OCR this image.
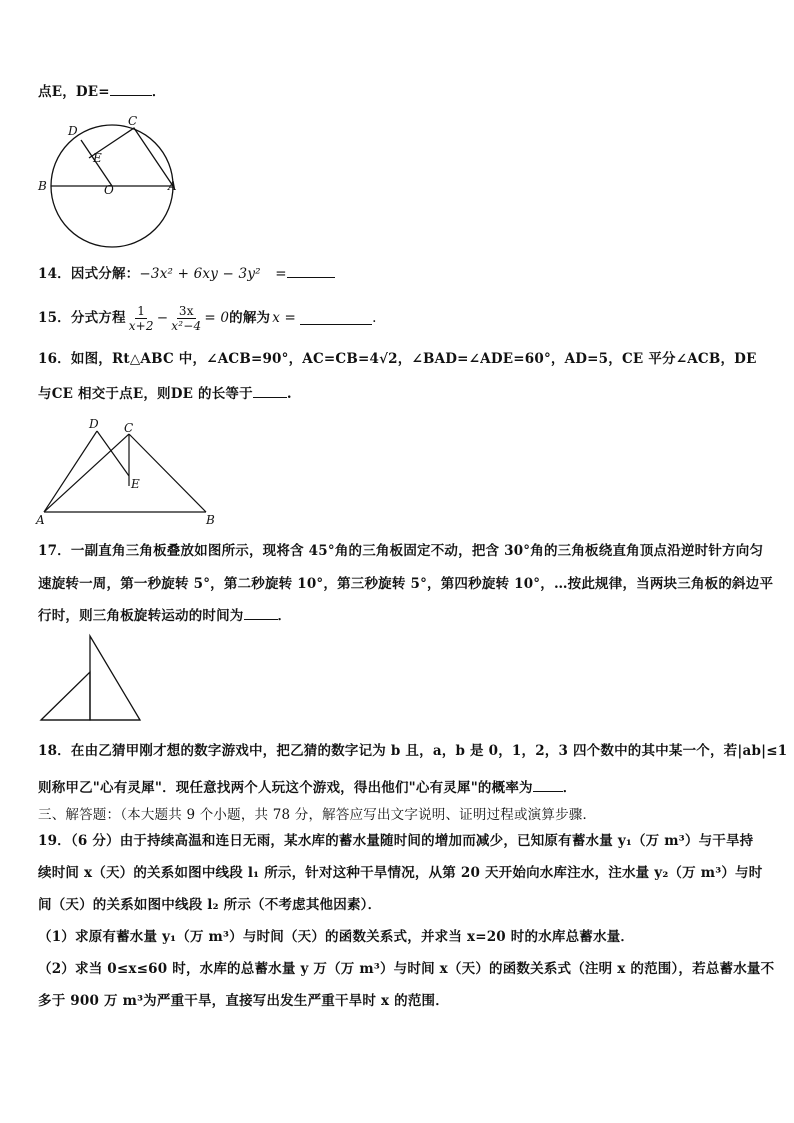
点E，DE=	．
D
C
E
B	O	A
14．因式分解：−3x² + 6xy − 3y² =
15．分式方程 $\frac{1}{x+2} - \frac{3x}{\text{x²−4}} = 0$ 的解为 x =	.
16．如图，Rt△ABC 中，∠ACB=90°，AC=CB=4√2，∠BAD=∠ADE=60°，AD=5，CE 平分∠ACB，DE
与CE 相交于点E，则DE 的长等于	.
D C
E
A	B
17．一副直角三角板叠放如图所示，现将含 45°角的三角板固定不动，把含 30°角的三角板绕直角顶点沿逆时针方向匀
速旋转一周，第一秒旋转 5°，第二秒旋转 10°，第三秒旋转 5°，第四秒旋转 10°，…按此规律，当两块三角板的斜边平
行时，则三角板旋转运动的时间为	．
18．在由乙猜甲刚才想的数字游戏中，把乙猜的数字记为 b 且，a，b 是 0，1，2，3 四个数中的其中某一个，若|ab|≤1
则称甲乙"心有灵犀"．现任意找两个人玩这个游戏，得出他们"心有灵犀"的概率为 ．
三、解答题：（本大题共 9 个小题，共 78 分，解答应写出文字说明、证明过程或演算步骤．
19．（6 分）由于持续高温和连日无雨，某水库的蓄水量随时间的增加而减少，已知原有蓄水量 y₁（万 m³）与干旱持
续时间 x（天）的关系如图中线段 l₁ 所示，针对这种干旱情况，从第 20 天开始向水库注水，注水量 y₂（万 m³）与时
间（天）的关系如图中线段 l₂ 所示（不考虑其他因素）．
（1）求原有蓄水量 y₁（万 m³）与时间（天）的函数关系式，并求当 x=20 时的水库总蓄水量．
（2）求当 0≤x≤60 时，水库的总蓄水量 y 万（万 m³）与时间 x（天）的函数关系式（注明 x 的范围），若总蓄水量不
多于 900 万 m³为严重干旱，直接写出发生严重干旱时 x 的范围．
